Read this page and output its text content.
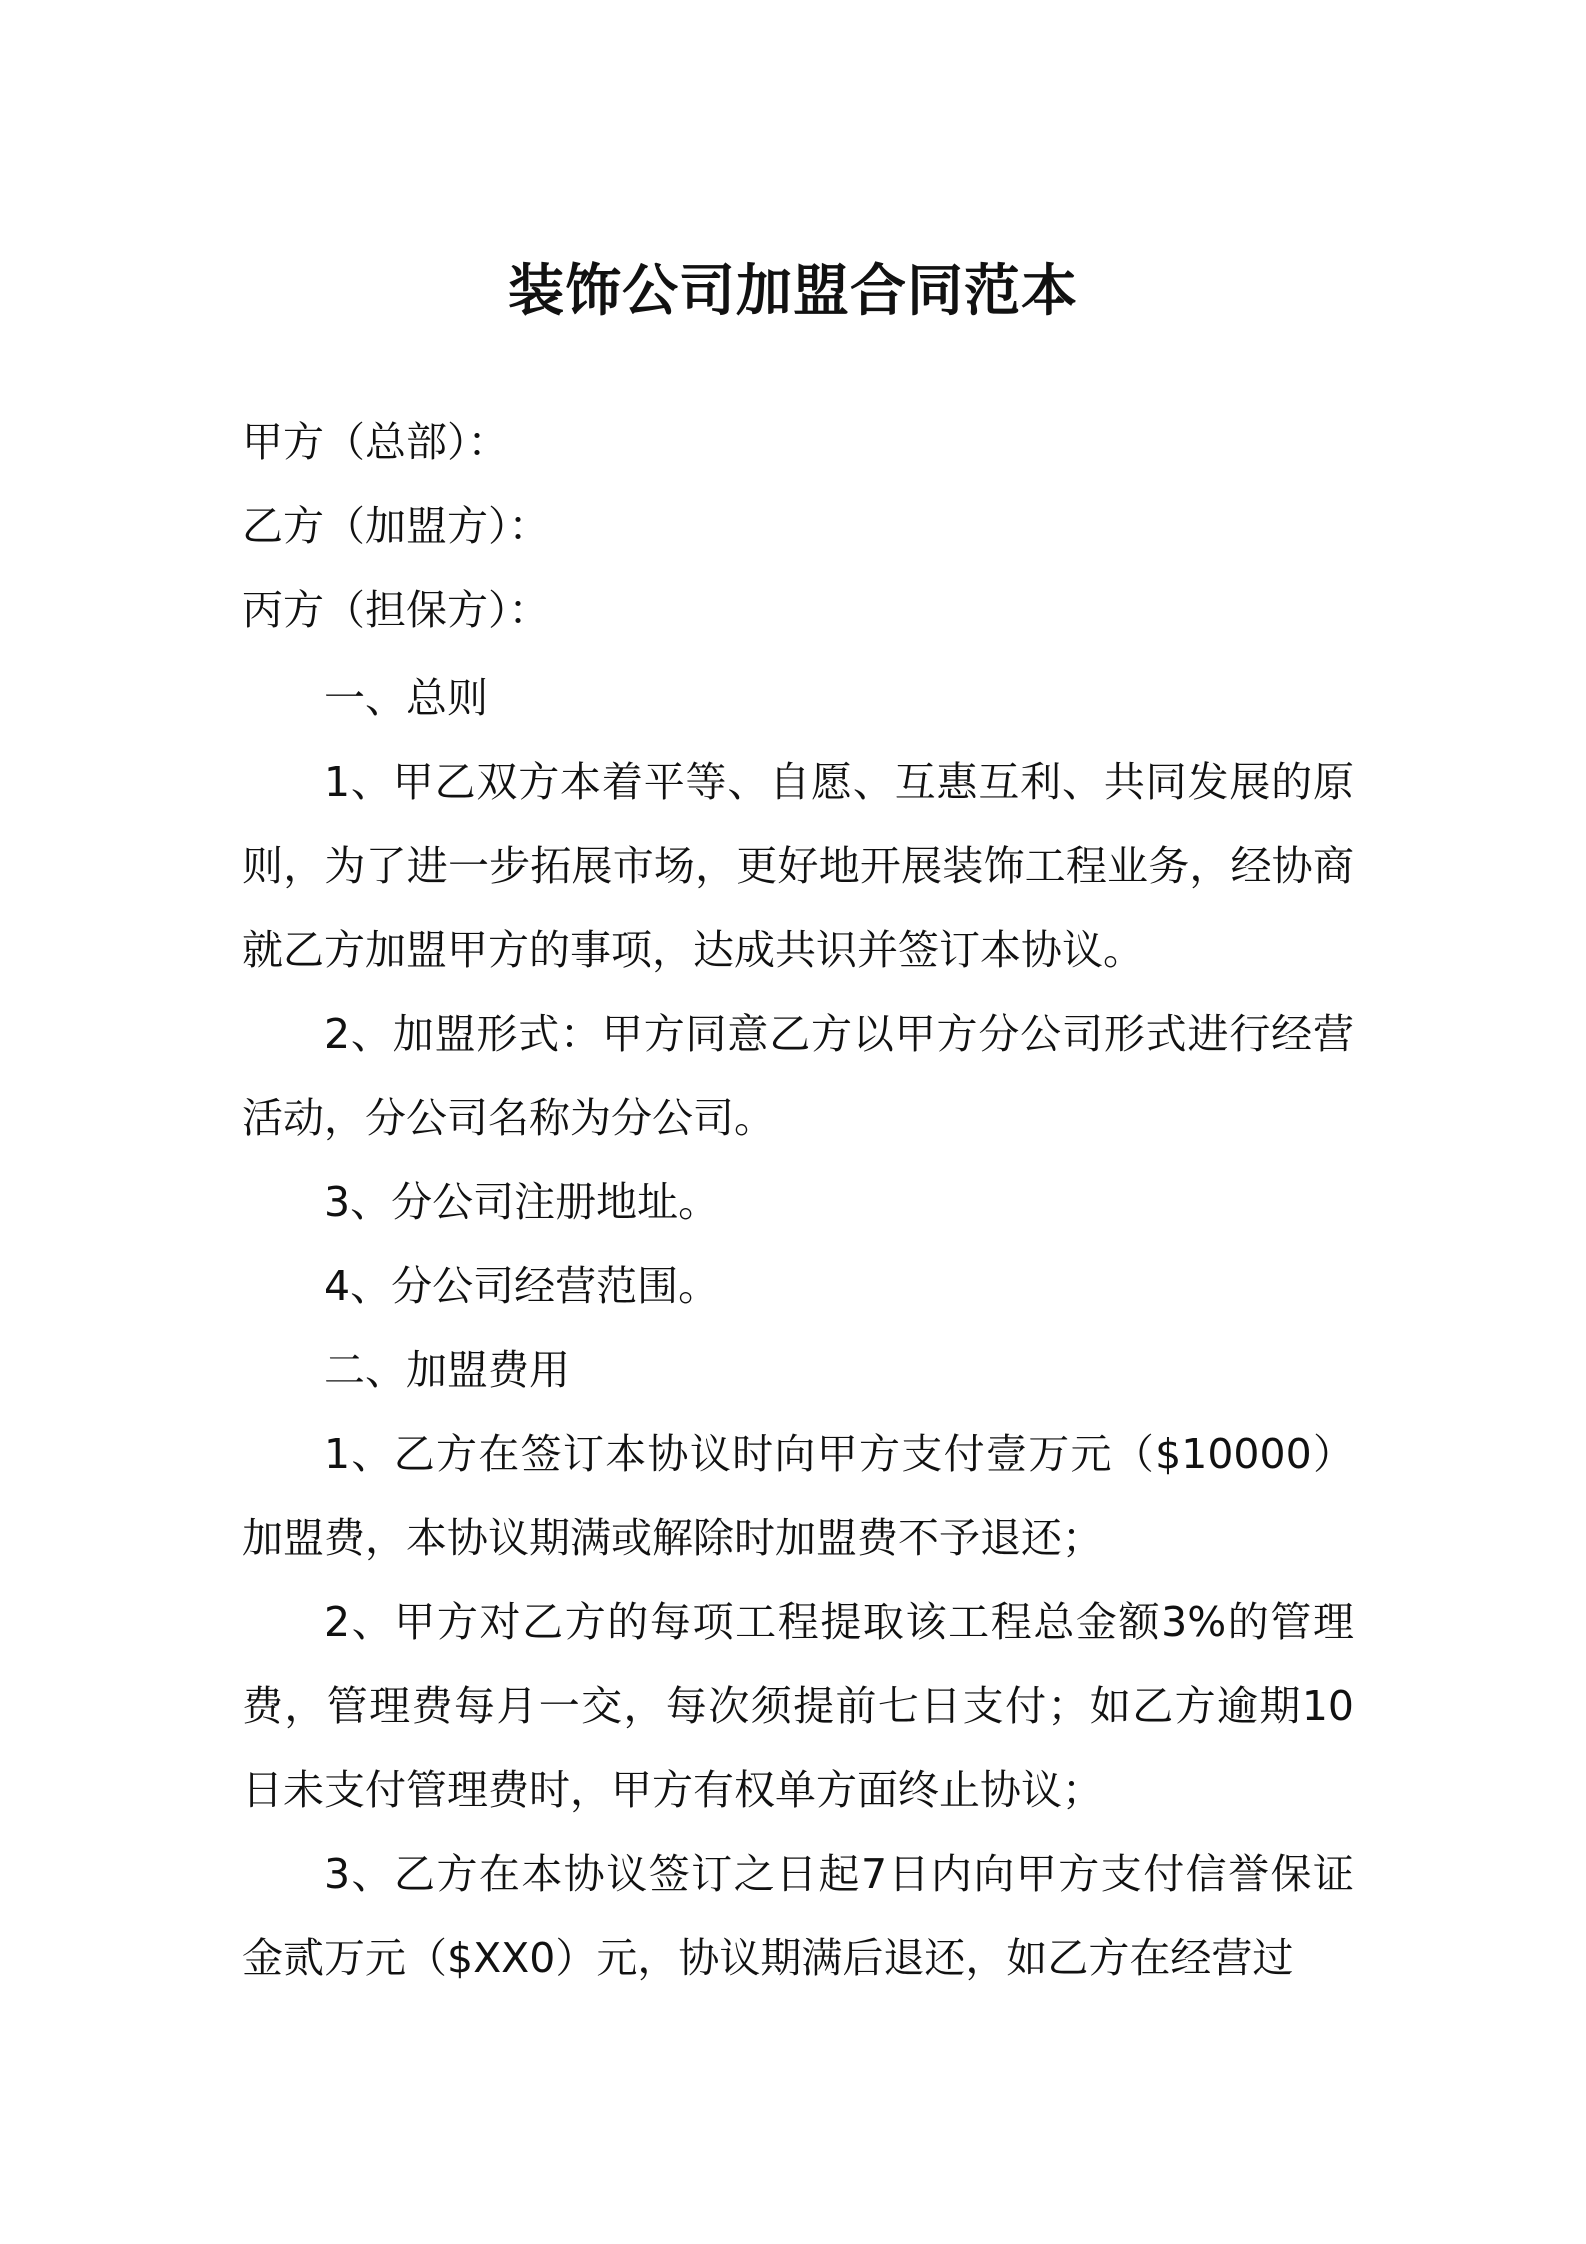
装饰公司加盟合同范本
甲方（总部）：
乙方（加盟方）：
丙方（担保方）：

一、总则

1、甲乙双方本着平等、自愿、互惠互利、共同发展的原则，为了进一步拓展市场，更好地开展装饰工程业务，经协商就乙方加盟甲方的事项，达成共识并签订本协议。

2、加盟形式：甲方同意乙方以甲方分公司形式进行经营活动，分公司名称为分公司。

3、分公司注册地址。

4、分公司经营范围。

二、加盟费用

1、乙方在签订本协议时向甲方支付壹万元（$10000）加盟费，本协议期满或解除时加盟费不予退还；

2、甲方对乙方的每项工程提取该工程总金额3%的管理费，管理费每月一交，每次须提前七日支付；如乙方逾期10日未支付管理费时，甲方有权单方面终止协议；

3、乙方在本协议签订之日起7日内向甲方支付信誉保证金贰万元（$XX0）元，协议期满后退还，如乙方在经营过
